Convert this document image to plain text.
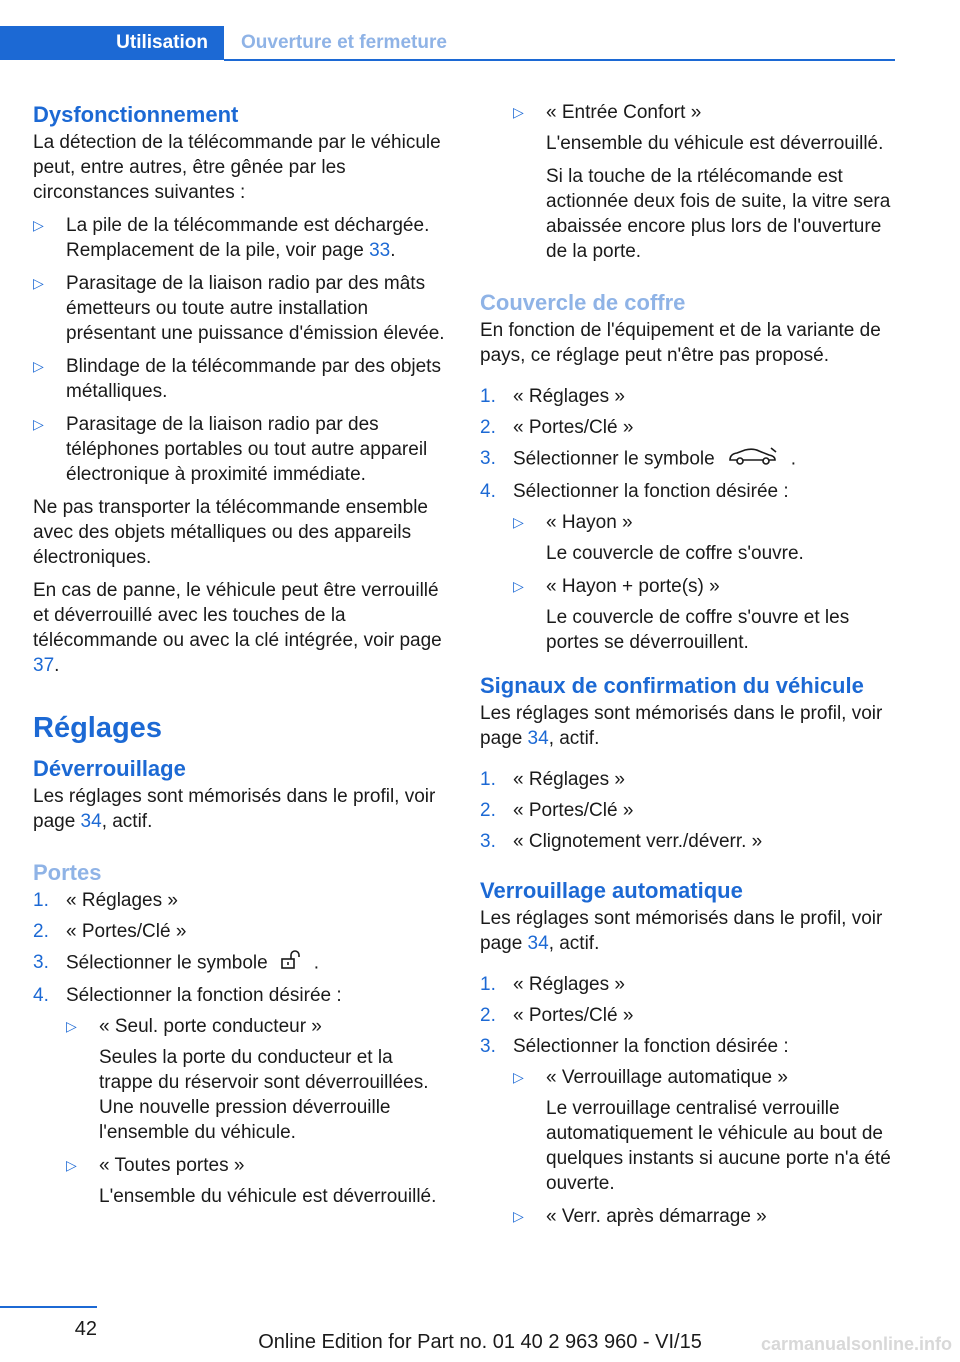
Utilisation	Ouverture et fermeture
Dysfonctionnement

La détection de la télécommande par le véhicule peut, entre autres, être gênée par les circonstances suivantes :

▷ La pile de la télécommande est déchargée. Remplacement de la pile, voir page 33.
▷ Parasitage de la liaison radio par des mâts émetteurs ou toute autre installation présentant une puissance d'émission élevée.
▷ Blindage de la télécommande par des objets métalliques.
▷ Parasitage de la liaison radio par des téléphones portables ou tout autre appareil électronique à proximité immédiate.

Ne pas transporter la télécommande ensemble avec des objets métalliques ou des appareils électroniques.

En cas de panne, le véhicule peut être verrouillé et déverrouillé avec les touches de la télécommande ou avec la clé intégrée, voir page 37.

Réglages
Déverrouillage

Les réglages sont mémorisés dans le profil, voir page 34, actif.

Portes
1. « Réglages »
2. « Portes/Clé »
3. Sélectionner le symbole .
4. Sélectionner la fonction désirée :
▷ « Seul. porte conducteur »
Seules la porte du conducteur et la trappe du réservoir sont déverrouillées. Une nouvelle pression déverrouille l'ensemble du véhicule.
▷ « Toutes portes »
L'ensemble du véhicule est déverrouillé.
▷ « Entrée Confort »
L'ensemble du véhicule est déverrouillé.
Si la touche de la rtélécomande est actionnée deux fois de suite, la vitre sera abaissée encore plus lors de l'ouverture de la porte.
Couvercle de coffre

En fonction de l'équipement et de la variante de pays, ce réglage peut n'être pas proposé.

1. « Réglages »
2. « Portes/Clé »
3. Sélectionner le symbole	.
4. Sélectionner la fonction désirée :
▷ « Hayon »
Le couvercle de coffre s'ouvre.
▷ « Hayon + porte(s) »
Le couvercle de coffre s'ouvre et les portes se déverrouillent.
Signaux de confirmation du véhicule

Les réglages sont mémorisés dans le profil, voir page 34, actif.

1. « Réglages »
2. « Portes/Clé »
3. « Clignotement verr./déverr. »
Verrouillage automatique

Les réglages sont mémorisés dans le profil, voir page 34, actif.

1. « Réglages »
2. « Portes/Clé »
3. Sélectionner la fonction désirée :
▷ « Verrouillage automatique »
Le verrouillage centralisé verrouille automatiquement le véhicule au bout de quelques instants si aucune porte n'a été ouverte.
▷ « Verr. après démarrage »
42
Online Edition for Part no. 01 40 2 963 960 - VI/15	carmanualsonline.info
